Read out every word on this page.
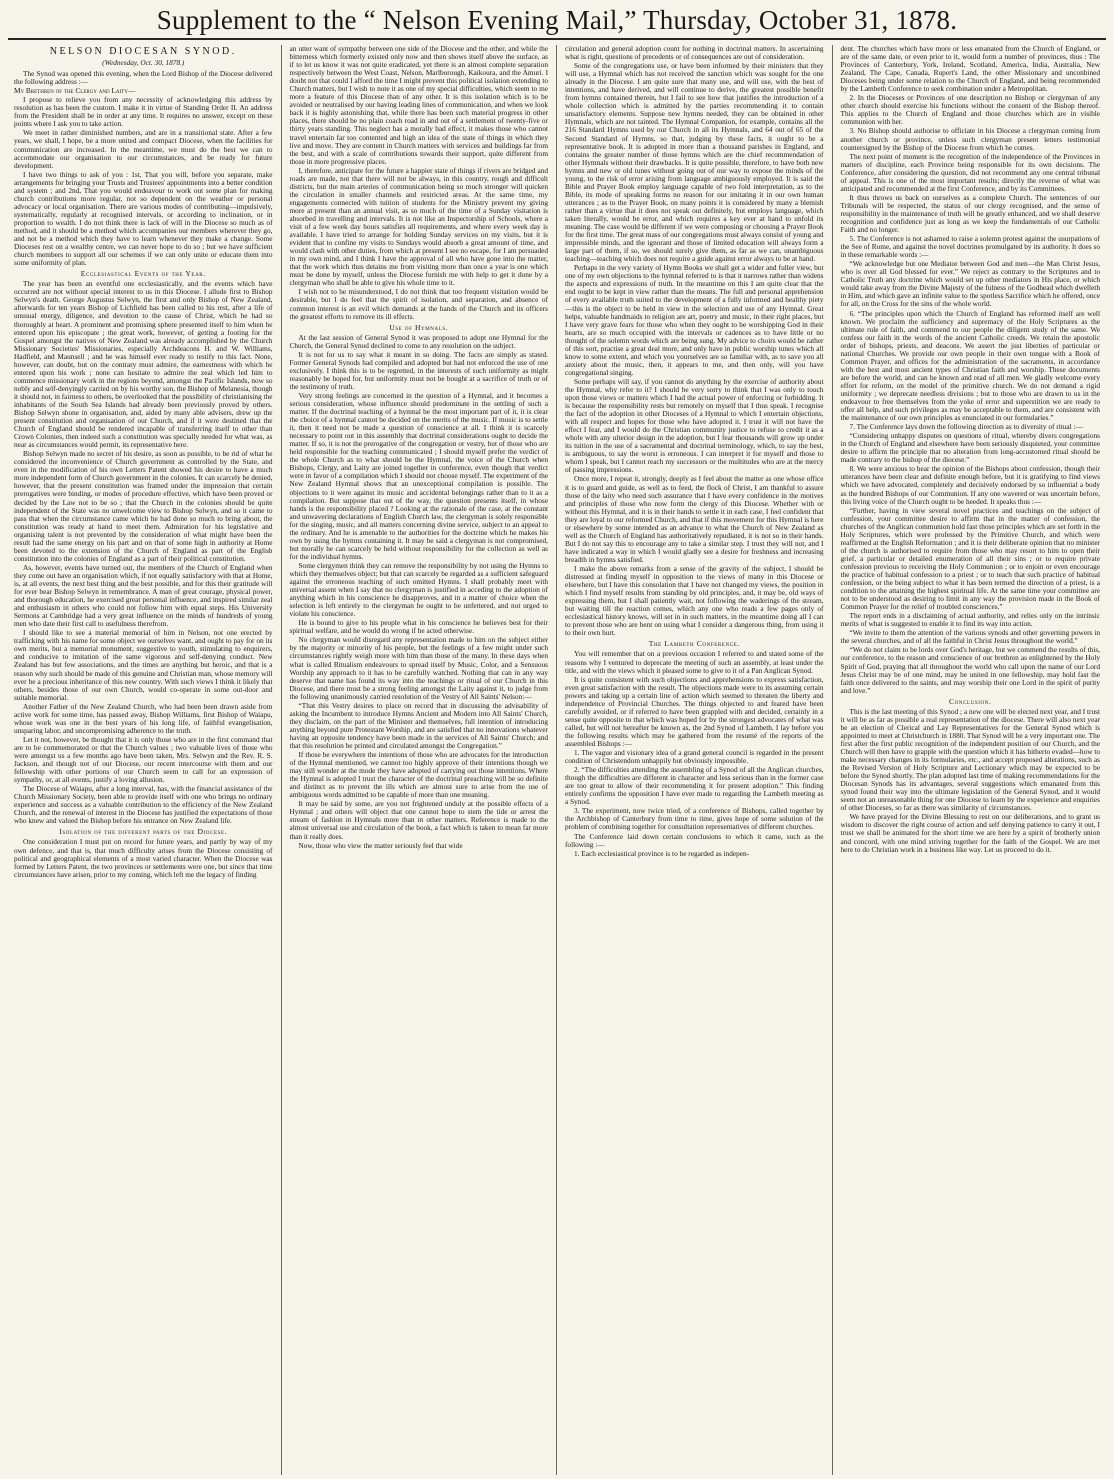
Supplement to the “ Nelson Evening Mail,” Thursday, October 31, 1878.
NELSON DIOCESAN SYNOD.
(Wednesday, Oct. 30, 1878.)

The Synod was opened this evening, when the Lord Bishop of the Diocese delivered the following address :—

My Brethren of the Clergy and Laity—

I propose to relieve you from any necessity of acknowledging this address by resolution as has been the custom. I make it in virtue of Standing Order II. An address from the President shall be in order at any time. It requires no answer, except on these points where I ask you to take action.

We meet in rather diminished numbers, and are in a transitional state. After a few years, we shall, I hope, be a more united and compact Diocese, when the facilities for communication are increased. In the meantime, we must do the best we can to accommodate our organisation to our circumstances, and be ready for future development.

I have two things to ask of you : 1st, That you will, before you separate, make arrangements for bringing your Trusts and Trustees' appointments into a better condition and system ; and 2nd, That you would endeavour to work out some plan for making church contributions more regular, not so dependent on the weather or personal advocacy or local organisation. There are various modes of contributing—impulsively, systematically, regularly at recognised intervals, or according to inclination, or in proportion to wealth. I do not think there is lack of will in the Diocese so much as of method, and it should be a method which accompanies our members wherever they go, and not be a method which they have to learn whenever they make a change. Some Dioceses rest on a wealthy centre, we can never hope to do so ; but we have sufficient church members to support all our schemes if we can only unite or educate them into some uniformity of plan.

Ecclesiastical Events of the Year.

The year has been an eventful one ecclesiastically, and the events which have occurred are not without special interest to us in this Diocese. I allude first to Bishop Selwyn's death. George Augustus Selwyn, the first and only Bishop of New Zealand, afterwards for ten years Bishop of Lichfield has been called to his rest, after a life of unusual energy, diligence, and devotion to the cause of Christ, which he had so thoroughly at heart. A prominent and promising sphere presented itself to him when he entered upon his episcopate ; the great work, however, of getting a footing for the Gospel amongst the natives of New Zealand was already accomplished by the Church Missionary Societies' Missionaries, especially Archdeacons H. and W. Williams, Hadfield, and Maunsell ; and he was himself ever ready to testify to this fact. None, however, can doubt, but on the contrary must admire, the earnestness with which he entered upon his work ; none can hesitate to admire the zeal which led him to commence missionary work in the regions beyond, amongst the Pacific Islands, now so nobly and self-denyingly carried on by his worthy son, the Bishop of Melanesia, though it should not, in fairness to others, be overlooked that the possibility of christianising the inhabitants of the South Sea Islands had already been previously proved by others. Bishop Selwyn shone in organisation, and, aided by many able advisers, drew up the present constitution and organisation of our Church, and if it were destined that the Church of England should be rendered incapable of transferring itself to other than Crown Colonies, then indeed such a constitution was specially needed for what was, as near as circumstances would permit, its representative here.

Bishop Selwyn made no secret of his desire, as soon as possible, to be rid of what he considered the inconvenience of Church government as controlled by the State, and even in the modification of his own Letters Patent showed his desire to have a much more independent form of Church government in the colonies. It can scarcely be denied, however, that the present constitution was framed under the impression that certain prerogatives were binding, or modes of procedure effective, which have been proved or decided by the Law not to be so ; that the Church in the colonies should be quite independent of the State was no unwelcome view to Bishop Selwyn, and so it came to pass that when the circumstance came which he had done so much to bring about, the constitution was ready at hand to meet them. Admiration for his legislative and organising talent is not prevented by the consideration of what might have been the result had the same energy on his part and on that of some high in authority at Home been devoted to the extension of the Church of England as part of the English constitution into the colonies of England as a part of their political constitution.

As, however, events have turned out, the members of the Church of England when they come out have an organisation which, if not equally satisfactory with that at Home, is, at all events, the next best thing and the best possible, and for this their gratitude will for ever bear Bishop Selwyn in remembrance. A man of great courage, physical power, and thorough education, he exercised great personal influence, and inspired similar zeal and enthusiasm in others who could not follow him with equal steps. His University Sermons at Cambridge had a very great influence on the minds of hundreds of young men who date their first call to usefulness therefrom.

I should like to see a material memorial of him in Nelson, not one erected by trafficking with his name for some object we ourselves want, and ought to pay for on its own merits, but a memorial monument, suggestive to youth, stimulating to enquirers, and conducive to imitation of the same vigorous and self-denying conduct. New Zealand has but few associations, and the times are anything but heroic, and that is a reason why such should be made of this genuine and Christian man, whose memory will ever be a precious inheritance of this new country. With such views I think it likely that others, besides those of our own Church, would co-operate in some out-door and suitable memorial.

Another Father of the New Zealand Church, who had been been drawn aside from active work for some time, has passed away, Bishop Williams, first Bishop of Waiapu, whose work was one in the best years of his long life, of faithful evangelisation, unsparing labor, and uncompromising adherence to the truth.

Let it not, however, be thought that it is only those who are in the first command that are to be commemorated or that the Church values ; two valuable lives of those who were amongst us a few months ago have been taken, Mrs. Selwyn and the Rev. R. S. Jackson, and though not of our Diocese, our recent intercourse with them and our fellowship with other portions of our Church seem to call for an expression of sympathy, or, at all events, justify a loving allusion.

The Diocese of Waiapu, after a long interval, has, with the financial assistance of the Church Missionary Society, been able to provide itself with one who brings no ordinary experience and success as a valuable contribution to the efficiency of the New Zealand Church, and the renewal of interest in the Diocese has justified the expectations of those who knew and valued the Bishop before his entrance on New Zealand life.

Isolation of the different parts of the Diocese.

One consideration I must put on record for future years, and partly by way of my own defence, and that is, that much difficulty arises from the Diocese consisting of political and geographical elements of a most varied character. When the Diocese was formed by Letters Patent, the two provinces or settlements were one, but since that time circumstances have arisen, prior to my coming, which left me the legacy of finding

an utter want of sympathy between one side of the Diocese and the other, and while the bitterness which formerly existed only now and then shows itself above the surface, as if to let us know it was not quite eradicated, yet there is an almost complete separation respectively between the West Coast, Nelson, Marlborough, Kaikoura, and the Amuri. I doubt not that could I afford the time I might prevent this political isolation extending to Church matters, but I wish to note it as one of my special difficulties, which seem to me more a feature of this Diocese than of any other. It is this isolation which is to be avoided or neutralised by our having leading lines of communication, and when we look back it is highly astonishing that, while there has been such material progress in other places, there should be no plain coach road in and out of a settlement of twenty-five or thirty years standing. This neglect has a morally bad effect, it makes those who cannot travel entertain far too contented and high an idea of the state of things in which they live and move. They are content in Church matters with services and buildings far from the best, and with a scale of contributions towards their support, quite different from those in more progressive places.

I, therefore, anticipate for the future a happier state of things if rivers are bridged and roads are made, not that there will not be always, in this country, rough and difficult districts, but the main arteries of communication being so much stronger will quicken the circulation in smaller channels and restricted areas. At the same time, my engagements connected with tuition of students for the Ministry prevent my giving more at present than an annual visit, as so much of the time of a Sunday visitation is absorbed in travelling and intervals. It is not like an Inspectorship of Schools, where a visit of a few week day hours satisfies all requirements, and where every week day is available. I have tried to arrange for holding Sunday services on my visits, but it is evident that to confine my visits to Sundays would absorb a great amount of time, and would clash with other duties, from which at present I see no escape, for I am persuaded in my own mind, and I think I have the approval of all who have gone into the matter, that the work which thus detains me from visiting more than once a year is one which must be done by myself, unless the Diocese furnish me with help to get it done by a clergyman who shall be able to give his whole time to it.

I wish not to be misunderstood, I do not think that too frequent visitation would be desirable, but I do feel that the spirit of isolation, and separation, and absence of common interest is an evil which demands at the hands of the Church and its officers the greatest efforts to remove its ill effects.

Use of Hymnals.

At the last session of General Synod it was proposed to adopt one Hymnal for the Church, the General Synod declined to come to any resolution on the subject.

It is not for us to say what it meant in so doing. The facts are simply as stated. Former General Synods had compiled and adopted but had not enforced the use of one exclusively. I think this is to be regretted, in the interests of such uniformity as might reasonably be hoped for, but uniformity must not be bought at a sacrifice of truth or of the testimony of truth.

Very strong feelings are concerned in the question of a Hymnal, and it becomes a serious consideration, whose influence should predominate in the settling of such a matter. If the doctrinal teaching of a hymnal be the most important part of it, it is clear the choice of a hymnal cannot be decided on the merits of the music. If music is to settle it, then it need not be made a question of conscience at all. I think it is scarcely necessary to point out in this assembly that doctrinal considerations ought to decide the matter. If so, it is not the prerogative of the congregation or vestry, but of those who are held responsible for the teaching communicated ; I should myself prefer the verdict of the whole Church as to what should be the Hymnal, the voice of the Church when Bishops, Clergy, and Laity are joined together in conference, even though that verdict were in favor of a compilation which I should not choose myself. The experiment of the New Zealand Hymnal shows that an unexceptional compilation is possible. The objections to it were against its music and accidental belongings rather than to it as a compilation. But suppose that out of the way, the question presents itself, in whose hands is the responsibility placed ? Looking at the rationale of the case, at the constant and unwavering declarations of English Church law, the clergyman is solely responsible for the singing, music, and all matters concerning divine service, subject to an appeal to the ordinary. And he is amenable to the authorities for the doctrine which he makes his own by using the hymns containing it. It may be said a clergyman is not compromised, but morally he can scarcely be held without responsibility for the collection as well as for the individual hymns.

Some clergymen think they can remove the responsibility by not using the Hymns to which they themselves object; but that can scarcely be regarded as a sufficient safeguard against the erroneous teaching of such omitted Hymns. I shall probably meet with universal assent when I say that no clergyman is justified in acceding to the adoption of anything which in his conscience he disapproves, and in a matter of choice when the selection is left entirely to the clergyman he ought to be unfettered, and not urged to violate his conscience.

He is bound to give to his people what in his conscience he believes best for their spiritual welfare, and he would do wrong if he acted otherwise.

No clergyman would disregard any representation made to him on the subject either by the majority or minority of his people, but the feelings of a few might under such circumstances rightly weigh more with him than those of the many. In these days when what is called Ritualism endeavours to spread itself by Music, Color, and a Sensuous Worship any approach to it has to be carefully watched. Nothing that can in any way deserve that name has found its way into the teachings or ritual of our Church in this Diocese, and there must be a strong feeling amongst the Laity against it, to judge from the following unanimously carried resolution of the Vestry of All Saints' Nelson:—

“That this Vestry desires to place on record that in discussing the advisability of asking the Incumbent to introduce Hymns Ancient and Modern into All Saints' Church, they disclaim, on the part of the Minister and themselves, full intention of introducing anything beyond pure Protestant Worship, and are satisfied that no innovations whatever having an opposite tendency have been made in the services of All Saints' Church; and that this resolution be printed and circulated amongst the Congregation.”

If those be everywhere the intentions of those who are advocates for the introduction of the Hymnal mentioned, we cannot too highly approve of their intentions though we may still wonder at the mode they have adopted of carrying out those intentions. Where the Hymnal is adopted I trust the character of the doctrinal preaching will be so definite and distinct as to prevent the ills which are almost sure to arise from the use of ambiguous words admitted to be capable of more than one meaning.

It may be said by some, are you not frightened unduly at the possible effects of a Hymnal ; and others will object that one cannot hope to stem the tide or arrest the stream of fashion in Hymnals more than in other matters. Reference is made to the almost universal use and circulation of the book, a fact which is taken to mean far more than it really does.

Now, those who view the matter seriously feel that wide

circulation and general adoption count for nothing in doctrinal matters. In ascertaining what is right, questions of precedents or of consequences are out of consideration.

Some of the congregations use, or have been informed by their ministers that they will use, a Hymnal which has not received the sanction which was sought for the one already in the Diocese. I am quite sure that many use, and will use, with the best of intentions, and have derived, and will continue to derive, the greatest possible benefit from hymns contained therein, but I fail to see how that justifies the introduction of a whole collection which is admitted by the parties recommending it to contain unsatisfactory elements. Suppose new hymns needed, they can be obtained in other Hymnals, which are not tainted. The Hymnal Companion, for example, contains all the 216 Standard Hymns used by our Church in all its Hymnals, and 64 out of 65 of the Second Standard of Hymns, so that, judging by these facts, it ought to be a representative book. It is adopted in more than a thousand parishes in England, and contains the greater number of those hymns which are the chief recommendation of other Hymnals without their drawbacks. It is quite possible, therefore, to have both new hymns and new or old tunes without going out of our way to expose the minds of the young, to the risk of error arising from language ambiguously employed. It is said the Bible and Prayer Book employ language capable of two fold interpretation, as to the Bible, its mode of speaking forms no reason for our imitating it in our own human utterances ; as to the Prayer Book, on many points it is considered by many a blemish rather than a virtue that it does not speak out definitely, but employs language, which taken literally, would be error, and which requires a key ever at hand to unfold its meaning. The case would be different if we were composing or choosing a Prayer Book for the first time. The great mass of our congregations must always consist of young and impressible minds, and the ignorant and those of limited education will always form a large part of them, if so, we should surely give them, as far as we can, unambiguous teaching—teaching which does not require a guide against error always to be at hand.

Perhaps in the very variety of Hymn Books we shall get a wider and fuller view, but one of my own objections to the hymnal referred to is that it narrows rather than widens the aspects and expressions of truth. In the meantime on this I am quite clear that the end ought to be kept in view rather than the means. The full and personal apprehension of every available truth suited to the development of a fully informed and healthy piety—this is the object to be held in view in the selection and use of any Hymnal. Great helps, valuable handmaids to religion are art, poetry and music, in their right places, but I have very grave fears for those who when they ought to be worshipping God in their hearts, are so much occupied with the intervals or cadences as to have little or no thought of the solemn words which are being sung. My advice to choirs would be rather of this sort, practise a great deal more, and only have in public worship tunes which all know to some extent, and which you yourselves are so familiar with, as to save you all anxiety about the music, then, it appears to me, and then only, will you have congregational singing.

Some perhaps will say, if you cannot do anything by the exercise of authority about the Hymnal, why refer to it? I should be very sorry to think that I was only to touch upon those views or matters which I had the actual power of enforcing or forbidding. It is because the responsibility rests but remotely on myself that I thus speak. I recognise the fact of the adoption in other Dioceses of a Hymnal to which I entertain objections, with all respect and hopes for those who have adopted it. I trust it will not have the effect I fear, and I would do the Christian community justice to refuse to credit it as a whole with any ulterior design in the adoption, but I fear thousands will grow up under its tuition in the use of a sacramental and doctrinal terminology, which, to say the best, is ambiguous, to say the worst is erroneous. I can interpret it for myself and those to whom I speak, but I cannot reach my successors or the multitudes who are at the mercy of passing impressions.

Once more, I repeat it, strongly, deeply as I feel about the matter as one whose office it is to guard and guide, as well as to feed, the flock of Christ, I am thankful to assure those of the laity who need such assurance that I have every confidence in the motives and principles of those who now form the clergy of this Diocese. Whether with or without this Hymnal, and it is in their hands to settle it in each case, I feel confident that they are loyal to our reformed Church, and that if this movement for this Hymnal is here or elsewhere by some intended as an advance to what the Church of New Zealand as well as the Church of England has authoritatively repudiated, it is not so in their hands. But I do not say this to encourage any to take a similar step. I trust they will not, and I have indicated a way in which I would gladly see a desire for freshness and increasing breadth in hymns satisfied.

I make the above remarks from a sense of the gravity of the subject, I should be distressed at finding myself in opposition to the views of many in this Diocese or elsewhere, but I have this consolation that I have not changed my views, the position in which I find myself results from standing by old principles, and, it may be, old ways of expressing them, but I shall patiently wait, not following the waderings of the stream, but waiting till the reaction comes, which any one who reads a few pages only of ecclesiastical history knows, will set in in such matters, in the meantime doing all I can to prevent those who are bent on using what I consider a dangerous thing, from using it to their own hurt.

The Lambeth Conference.

You will remember that on a previous occasion I referred to and stated some of the reasons why I ventured to deprecate the meeting of such an assembly, at least under the title, and with the views which it pleased some to give to it of a Pan Anglican Synod.

It is quite consistent with such objections and apprehensions to express satisfaction, even great satisfaction with the result. The objections made were to its assuming certain powers and taking up a certain line of action which seemed to threaten the liberty and independence of Provincial Churches. The things objected to and feared have been carefully avoided, or if referred to have been grappled with and decided, certainly in a sense quite opposite to that which was hoped for by the strongest advocates of what was called, but will not hereafter be known as, the 2nd Synod of Lambeth. I lay before you the following results which may be gathered from the resumé of the reports of the assembled Bishops :—

1. The vague and visionary idea of a grand general council is regarded in the present condition of Christendom unhappily but obviously impossible.

2. “The difficulties attending the assembling of a Synod of all the Anglican churches, though the difficulties are different in character and less serious than in the former case are too great to allow of their recommending it for present adoption.” This finding entirely confirms the opposition I have ever made to regarding the Lambeth meeting as a Synod.

3. The experiment, now twice tried, of a conference of Bishops, called together by the Archbishop of Canterbury from time to time, gives hope of some solution of the problem of combining together for consultation representatives of different churches.

The Conference laid down certain conclusions to which it came, such as the following :—

1. Each ecclesiastical province is to be regarded as indepen-

dent. The churches which have more or less emanated from the Church of England, or are of the same date, or even prior to it, would form a number of provinces, thus : The Provinces of Canterbury, York, Ireland, Scotland, America, India, Australia, New Zealand, The Cape, Canada, Rupert's Land, the other Missionary and unconbined Dioceses being under some relation to the Church of England, and being recommended by the Lambeth Conference to seek combination under a Metropolitan.

2. In the Dioceses or Provinces of one description no Bishop or clergyman of any other church should exercise his functions without the consent of the Bishop thereof. This applies to the Church of England and those churches which are in visible communion with her.

3. No Bishop should authorise to officiate in his Diocese a clergyman coming from another church or province, unless such clergyman present letters testimonial countersigned by the Bishop of the Diocese from which he comes.

The next point of moment is the recognition of the independence of the Provinces in matters of discipline, each Province being responsible for its own decisions. The Conference, after considering the question, did not recommend any one central tribunal of appeal. This is one of the most important results; directly the reverse of what was anticipated and recommended at the first Conference, and by its Committees.

It thus throws us back on ourselves as a complete Church. The sentences of our Tribunals will be respected, the status of our clergy recognised, and the sense of responsibility in the maintenance of truth will be greatly enhanced, and we shall deserve recognition and confidence just as long as we keep the fundamentals of our Catholic Faith and no longer.

5. The Conference is not ashamed to raise a solemn protest against the usurpations of the See of Rome, and against the novel doctrines promulgated by its authority. It does so in these remarkable words :—

“We acknowledge but one Mediator between God and men—the Man Christ Jesus, who is over all God blessed for ever.” We reject as contrary to the Scriptures and to Catholic Truth any doctrine which would set up other mediators in His place, or which would take away from the Divine Majesty of the fulness of the Godhead which dwelleth in Him, and which gave an infinite value to the spotless Sacrifice which he offered, once for all, on the Cross for the sins of the whole world.

6. “The principles upon which the Church of England has reformed itself are well known. We proclaim the sufficiency and supremacy of the Holy Scriptures as the ultimate rule of faith, and commend to our people the diligent study of the same. We confess our faith in the words of the ancient Catholic creeds. We retain the apostolic order of bishops, priests, and deacons. We assert the just liberties of particular or national Churches. We provide our own people in their own tongue with a Book of Common Prayer, and offices for the administration of the sacraments, in accordance with the best and most ancient types of Christian faith and worship. These documents are before the world, and can be known and read of all men. We gladly welcome every effort for reform, on the model of the primitive church. We do not demand a rigid uniformity ; we deprecate needless divisions ; but to those who are drawn to us in the endeavour to free themselves from the yoke of error and superstition we are ready to offer all help, and such privileges as may be acceptable to them, and are consistent with the maintenance of our own principles as enunciated in our formularies.”

7. The Conference lays down the following direction as to diversity of ritual :—

“Considering unhappy disputes on questions of ritual, whereby divers congregations in the Church of England and elsewhere have been seriously disquieted, your committee desire to affirm the principle that no alteration from long-accustomed ritual should be made contrary to the bishop of the diocese.”

8. We were anxious to hear the opinion of the Bishops about confession, though their utterances have been clear and definite enough before, but it is gratifying to find views which we have advocated, completely and decisively endorsed by so influential a body as the hundred Bishops of our Communion. If any one wavered or was uncertain before, this living voice of the Church ought to be heeded. It speaks thus :—

“Further, having in view several novel practices and teachings on the subject of confession, your committee desire to affirm that in the matter of confession, the churches of the Anglican communion hold fast those principles which are set forth in the Holy Scriptures, which were professed by the Primitive Church, and which were reaffirmed at the English Reformation ; and it is their deliberate opinion that no minister of the church is authorised to require from those who may resort to him to open their grief, a particular or detailed enumeration of all their sins ; or to require private confession previous to receiving the Holy Communion ; or to enjoin or even encourage the practice of habitual confession to a priest ; or to teach that such practice of habitual confession, or the being subject to what it has been termed the direction of a priest, is a condition to the attaining the highest spiritual life. At the same time your committee are not to be understood as desiring to limit in any way the provision made in the Book of Common Prayer for the relief of troubled consciences.”

The report ends in a disclaiming of actual authority, and relies only on the intrinsic merits of what is suggested to enable it to find its way into action.

“We invite to them the attention of the various synods and other governing powers in the several churches, and of all the faithful in Christ Jesus throughout the world.”

“We do not claim to be lords over God's heritage, but we commend the results of this, our conference, to the reason and conscience of our brethren as enlightened by the Holy Spirit of God, praying that all throughout the world who call upon the name of our Lord Jesus Christ may be of one mind, may be united in one fellowship, may hold fast the faith once delivered to the saints, and may worship their one Lord in the spirit of purity and love.”

Conclusion.

This is the last meeting of this Synod ; a new one will be elected next year, and I trust it will be as far as possible a real representation of the diocese. There will also next year be an election of Clerical and Lay Representatives for the General Synod which is appointed to meet at Christchurch in 1880. That Synod will be a very important one. The first after the first public recognition of the independent position of our Church, and the Church will then have to grapple with the question which it has hitherto evaded—how to make necessary changes in its formularies, etc., and accept proposed alterations, such as the Revised Version of Holy Scripture and Lectionary which may be expected to be before the Synod shortly. The plan adopted last time of making recommendations for the Diocesan Synods has its advantages, several suggestions which emanated from this synod found their way into the ultimate legislation of the General Synod, and it would seem not an unreasonable thing for one Diocese to learn by the experience and enquiries of other Dioceses, so far as there was similarity of circumstances.

We have prayed for the Divine Blessing to rest on our deliberations, and to grant us wisdom to discover the right course of action and self denying patience to carry it out, I trust we shall be animated for the short time we are here by a spirit of brotherly union and concord, with one mind striving together for the faith of the Gospel. We are met here to do Christian work in a business like way. Let us proceed to do it.
